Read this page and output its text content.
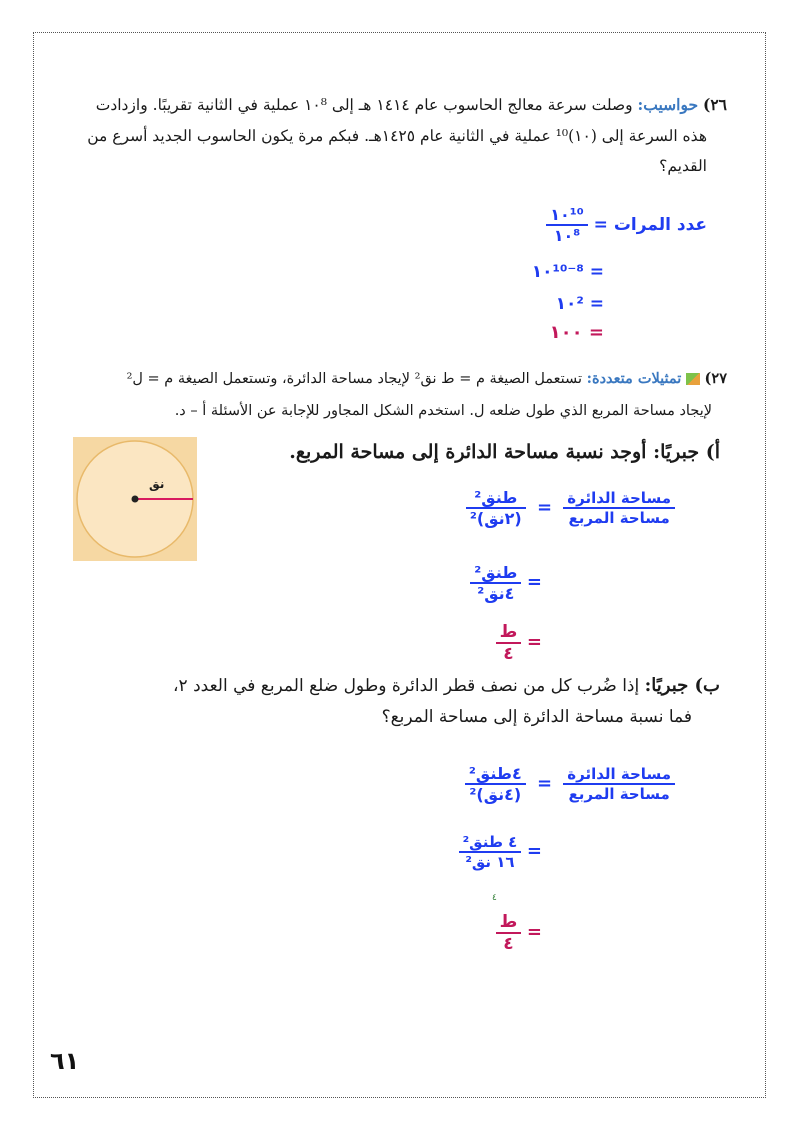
٢٦) حواسيب: وصلت سرعة معالج الحاسوب عام ١٤١٤ هـ إلى ١٠⁸ عملية في الثانية تقريبًا. وازدادت
هذه السرعة إلى (١٠)¹⁰ عملية في الثانية عام ١٤٢٥هـ. فبكم مرة يكون الحاسوب الجديد أسرع من
القديم؟
عدد المرات =
$\frac{\text{١٠¹⁰}}{\text{١٠⁸}}$
= ١٠¹⁰⁻⁸
= ١٠²
= ١٠٠
٢٧)  تمثيلات متعددة: تستعمل الصيغة م = ط نق² لإيجاد مساحة الدائرة، وتستعمل الصيغة م = ل²
لإيجاد مساحة المربع الذي طول ضلعه ل. استخدم الشكل المجاور للإجابة عن الأسئلة أ – د.
أ) جبريًا: أوجد نسبة مساحة الدائرة إلى مساحة المربع.
نق
$\frac{\text{مساحة الدائرة}}{\text{مساحة المربع}}$
=
$\frac{\text{طنق²}}{\text{(٢نق)²}}$
=
$\frac{\text{طنق²}}{\text{٤نق²}}$
=
$\frac{\text{ط}}{٤}$
ب) جبريًا: إذا ضُرب كل من نصف قطر الدائرة وطول ضلع المربع في العدد ٢،
فما نسبة مساحة الدائرة إلى مساحة المربع؟
$\frac{\text{مساحة الدائرة}}{\text{مساحة المربع}}$
=
$\frac{\text{٤طنق²}}{\text{(٤نق)²}}$
=
$\frac{\text{٤ طنق²}}{\text{١٦ نق²}}$
٤
=
$\frac{\text{ط}}{٤}$
٦١
